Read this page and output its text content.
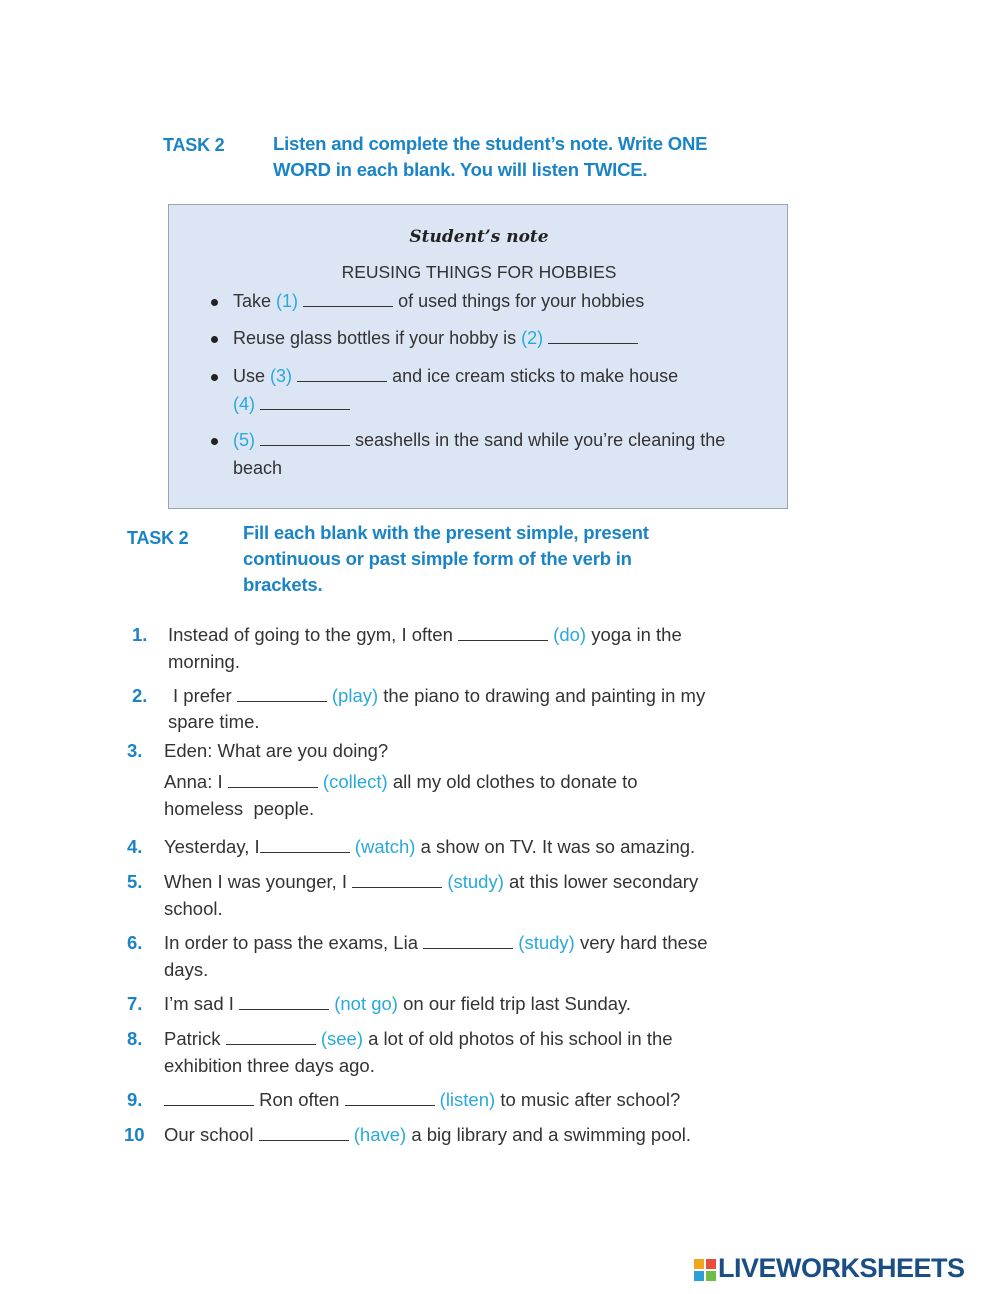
TASK 2	Listen and complete the student’s note. Write ONE
WORD in each blank. You will listen TWICE.
Student’s note
REUSING THINGS FOR HOBBIES
Take (1)	of used things for your hobbies
Reuse glass bottles if your hobby is (2)
Use (3)	and ice cream sticks to make house
(4)
(5)	seashells in the sand while you’re cleaning the
beach
TASK 2	Fill each blank with the present simple, present
continuous or past simple form of the verb in
brackets.
1. Instead of going to the gym, I often	(do) yoga in the
morning.
2. I prefer	(play) the piano to drawing and painting in my
spare time.
3. Eden: What are you doing?
Anna: I	(collect) all my old clothes to donate to
homeless  people.
4. Yesterday, I	(watch) a show on TV. It was so amazing.
5. When I was younger, I	(study) at this lower secondary
school.
6. In order to pass the exams, Lia	(study) very hard these
days.
7. I’m sad I	(not go) on our field trip last Sunday.
8. Patrick	(see) a lot of old photos of his school in the
exhibition three days ago.
9.	Ron often	(listen) to music after school?
10 Our school	(have) a big library and a swimming pool.
LIVEWORKSHEETS
